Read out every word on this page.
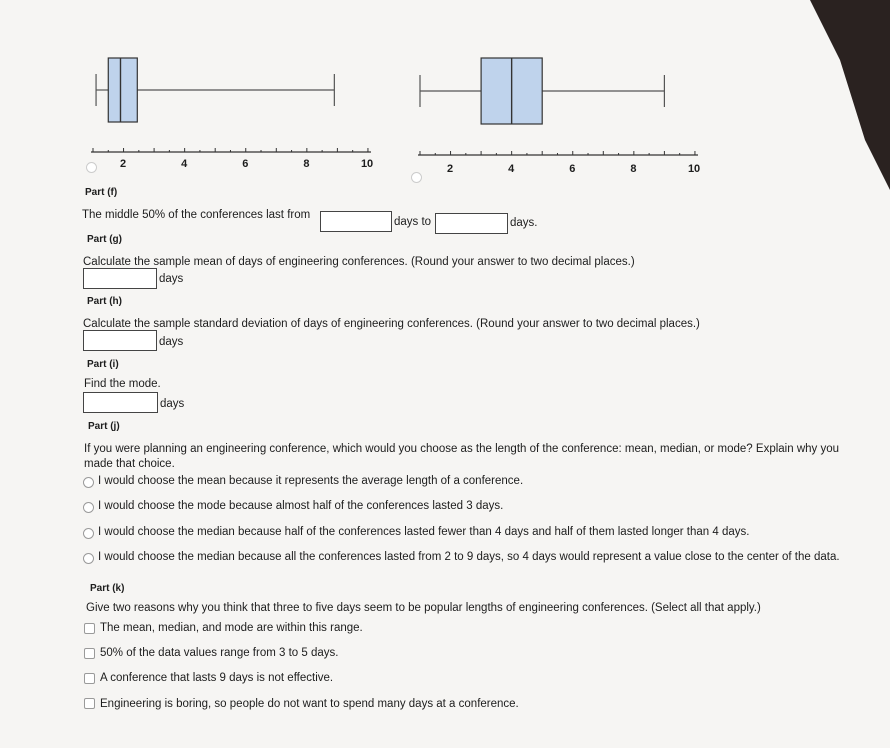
2	4	6	8	10	2	4	6	8	10
Part (f)
The middle 50% of the conferences last from
days to	days.
Part (g)
Calculate the sample mean of days of engineering conferences. (Round your answer to two decimal places.)
days
Part (h)
Calculate the sample standard deviation of days of engineering conferences. (Round your answer to two decimal places.)
days
Part (i)
Find the mode.
days
Part (j)
If you were planning an engineering conference, which would you choose as the length of the conference: mean, median, or mode? Explain why you
made that choice.
I would choose the mean because it represents the average length of a conference.
I would choose the mode because almost half of the conferences lasted 3 days.
I would choose the median because half of the conferences lasted fewer than 4 days and half of them lasted longer than 4 days.
I would choose the median because all the conferences lasted from 2 to 9 days, so 4 days would represent a value close to the center of the data.
Part (k)
Give two reasons why you think that three to five days seem to be popular lengths of engineering conferences. (Select all that apply.)
The mean, median, and mode are within this range.
50% of the data values range from 3 to 5 days.
A conference that lasts 9 days is not effective.
Engineering is boring, so people do not want to spend many days at a conference.
